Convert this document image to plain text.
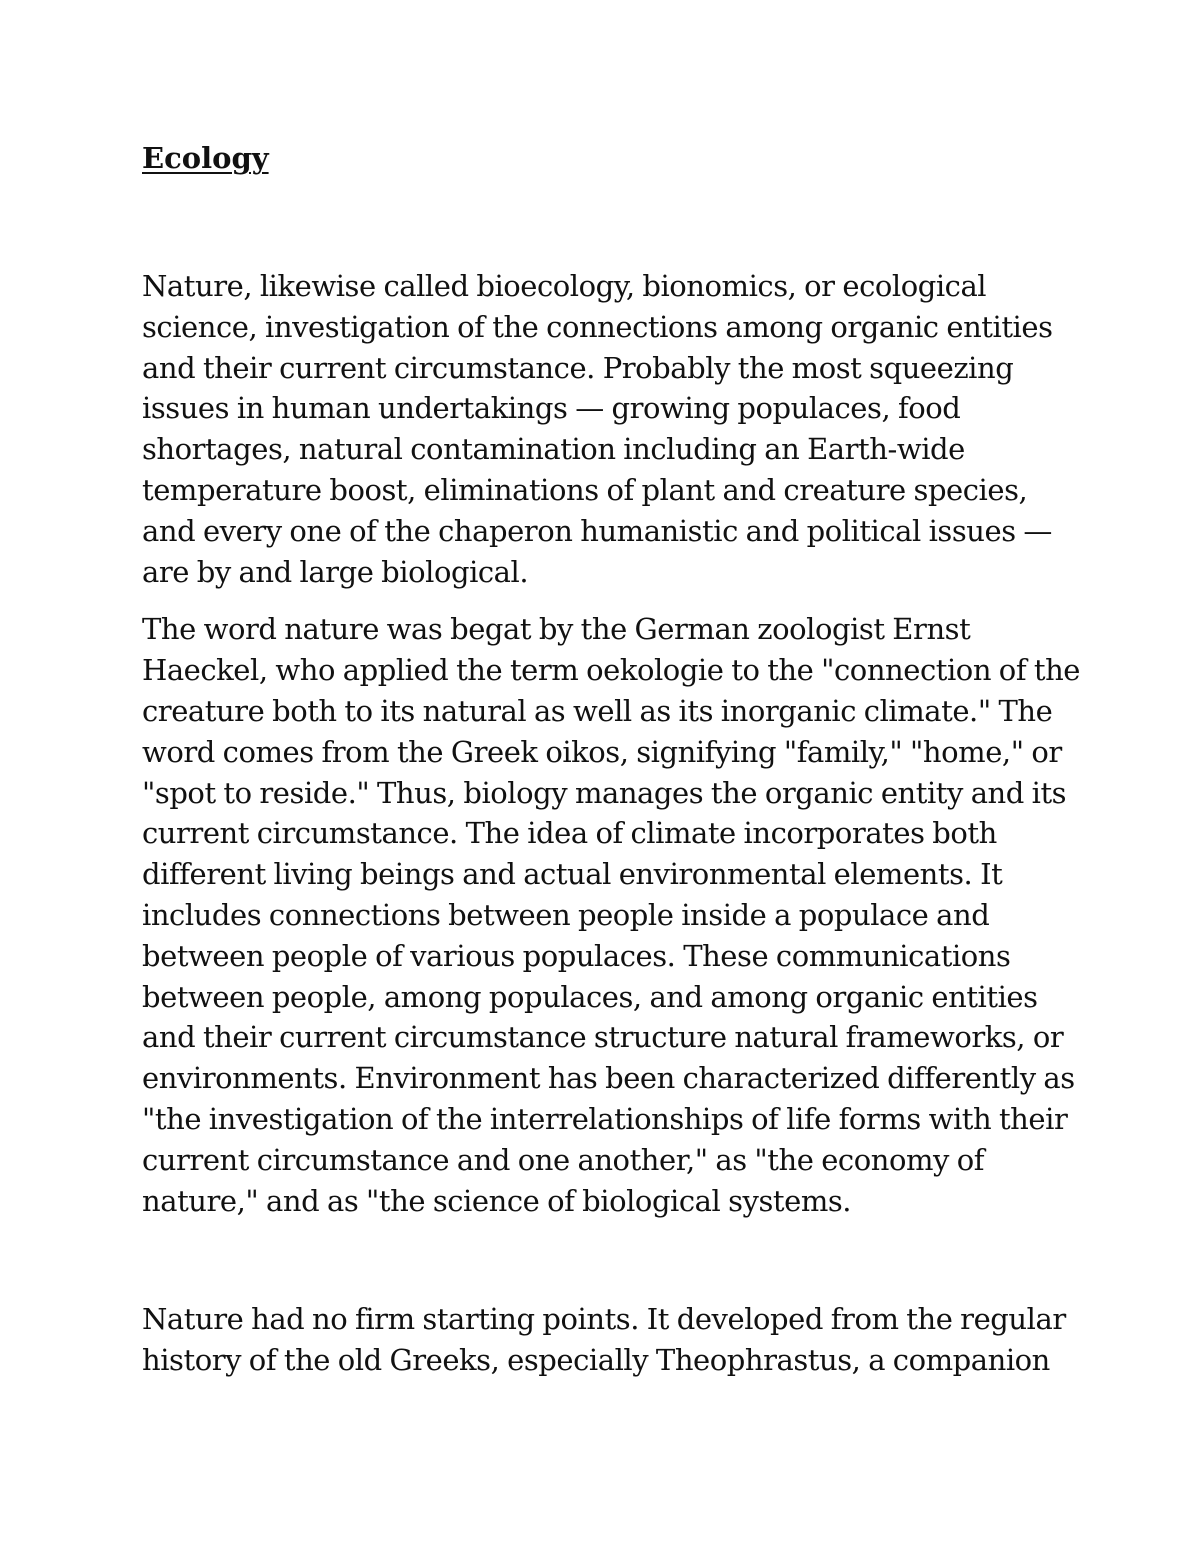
Ecology

Nature, likewise called bioecology, bionomics, or ecological science, investigation of the connections among organic entities and their current circumstance. Probably the most squeezing issues in human undertakings — growing populaces, food shortages, natural contamination including an Earth-wide temperature boost, eliminations of plant and creature species, and every one of the chaperon humanistic and political issues — are by and large biological.

The word nature was begat by the German zoologist Ernst Haeckel, who applied the term oekologie to the "connection of the creature both to its natural as well as its inorganic climate." The word comes from the Greek oikos, signifying "family," "home," or "spot to reside." Thus, biology manages the organic entity and its current circumstance. The idea of climate incorporates both different living beings and actual environmental elements. It includes connections between people inside a populace and between people of various populaces. These communications between people, among populaces, and among organic entities and their current circumstance structure natural frameworks, or environments. Environment has been characterized differently as "the investigation of the interrelationships of life forms with their current circumstance and one another," as "the economy of nature," and as "the science of biological systems.

Nature had no firm starting points. It developed from the regular history of the old Greeks, especially Theophrastus, a companion
